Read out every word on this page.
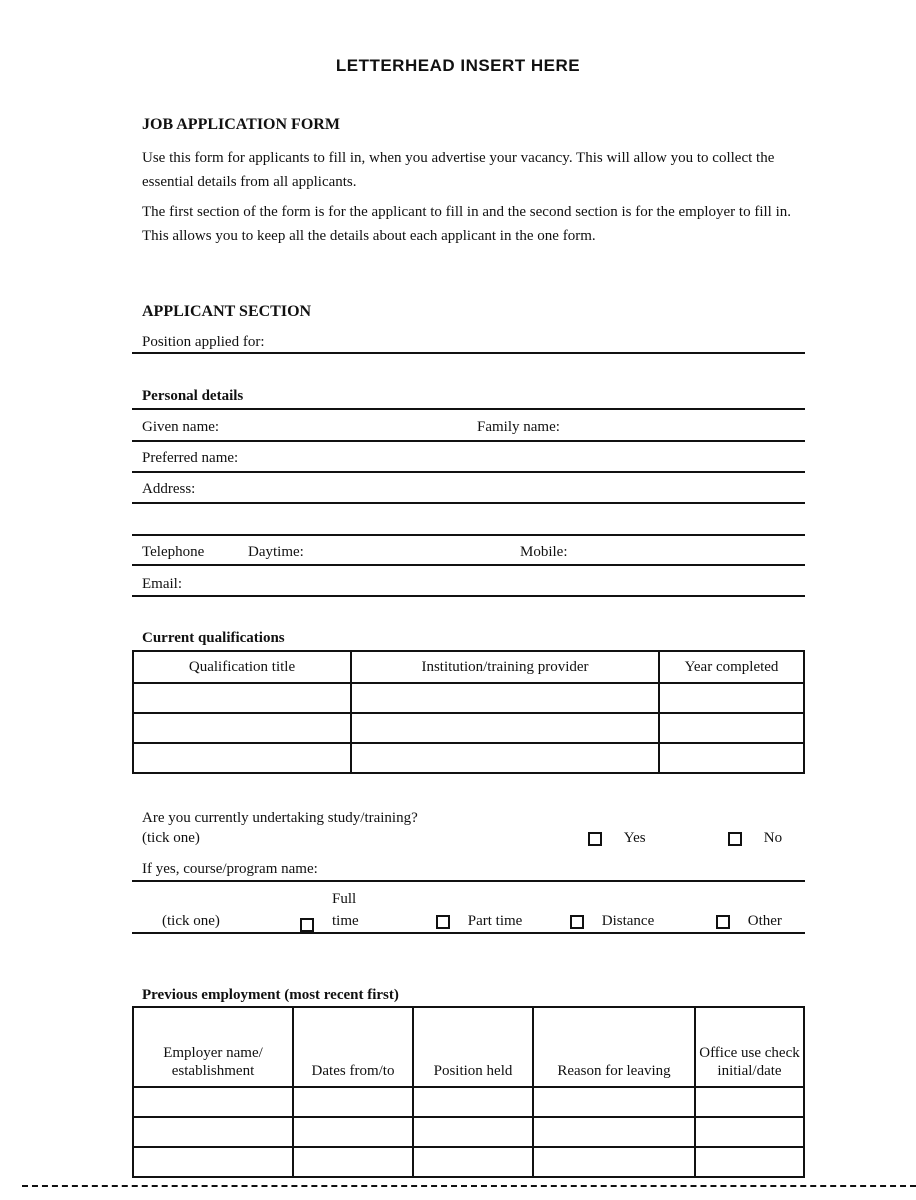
LETTERHEAD INSERT HERE
JOB APPLICATION FORM
Use this form for applicants to fill in, when you advertise your vacancy. This will allow you to collect the essential details from all applicants.
The first section of the form is for the applicant to fill in and the second section is for the employer to fill in. This allows you to keep all the details about each applicant in the one form.
APPLICANT SECTION
Position applied for:
Personal details
Given name:	Family name:
Preferred name:
Address:
Telephone	Daytime:	Mobile:
Email:
Current qualifications
Qualification title	Institution/training provider	Year completed

Are you currently undertaking study/training?
(tick one)	Yes	No
If yes, course/program name:
(tick one)
Full time	Part time	Distance	Other
Previous employment (most recent first)
Employer name/ establishment	Dates from/to	Position held	Reason for leaving	Office use check initial/date
